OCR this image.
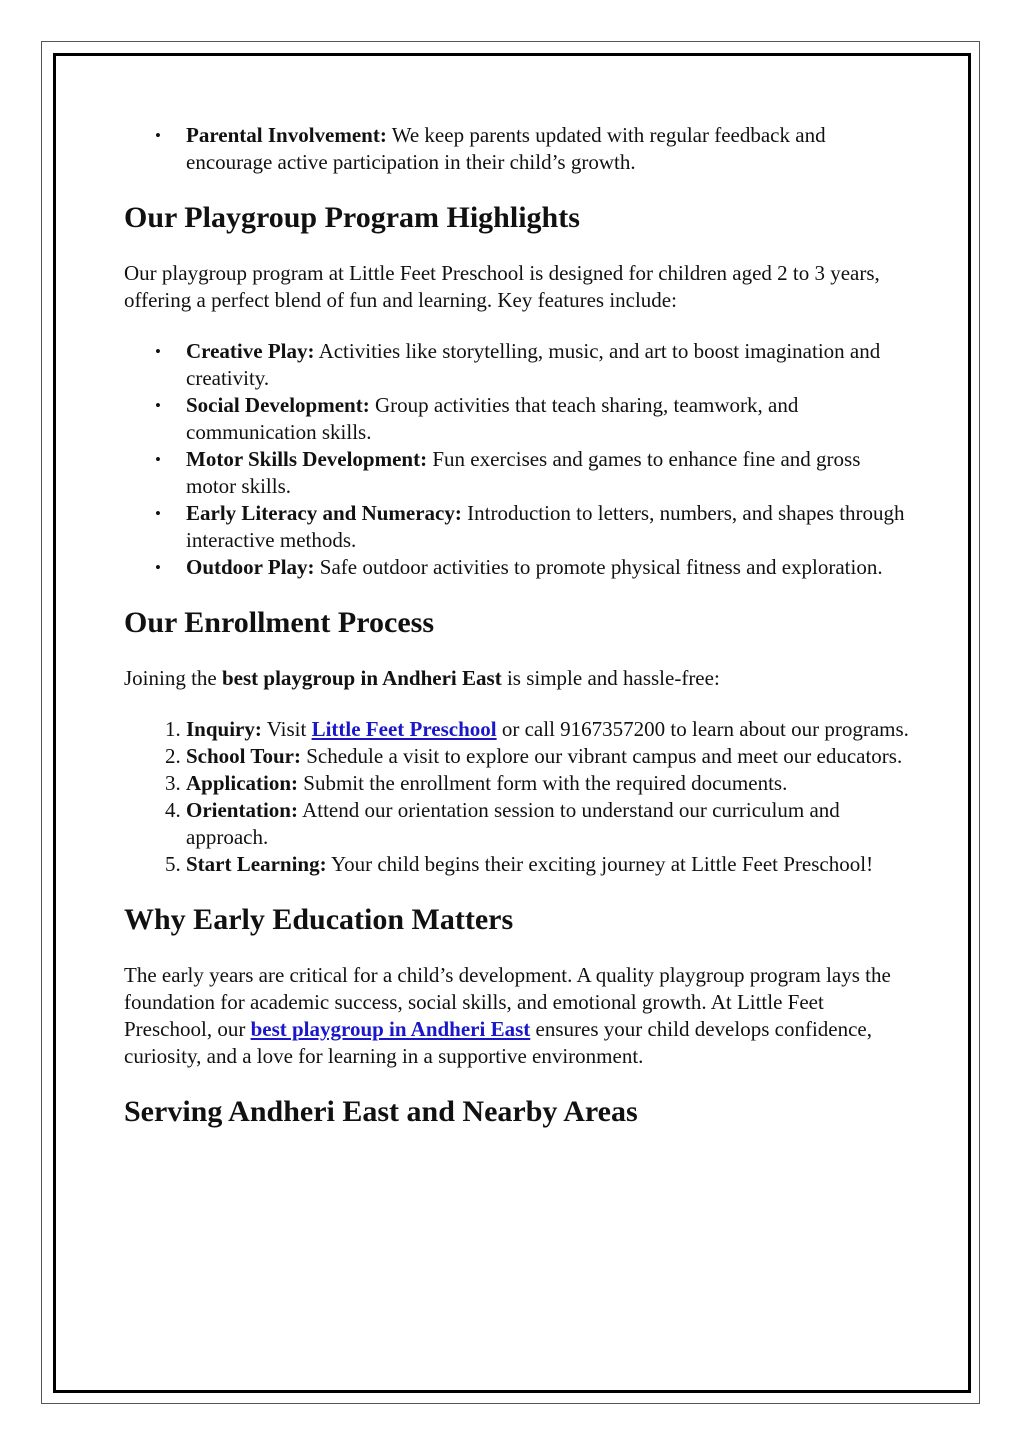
• Parental Involvement: We keep parents updated with regular feedback and encourage active participation in their child’s growth.
Our Playgroup Program Highlights

Our playgroup program at Little Feet Preschool is designed for children aged 2 to 3 years, offering a perfect blend of fun and learning. Key features include:

• Creative Play: Activities like storytelling, music, and art to boost imagination and creativity.
• Social Development: Group activities that teach sharing, teamwork, and communication skills.
• Motor Skills Development: Fun exercises and games to enhance fine and gross motor skills.
• Early Literacy and Numeracy: Introduction to letters, numbers, and shapes through interactive methods.
• Outdoor Play: Safe outdoor activities to promote physical fitness and exploration.
Our Enrollment Process

Joining the best playgroup in Andheri East is simple and hassle-free:

1. Inquiry: Visit Little Feet Preschool or call 9167357200 to learn about our programs.
2. School Tour: Schedule a visit to explore our vibrant campus and meet our educators.
3. Application: Submit the enrollment form with the required documents.
4. Orientation: Attend our orientation session to understand our curriculum and approach.
5. Start Learning: Your child begins their exciting journey at Little Feet Preschool!
Why Early Education Matters

The early years are critical for a child’s development. A quality playgroup program lays the foundation for academic success, social skills, and emotional growth. At Little Feet Preschool, our best playgroup in Andheri East ensures your child develops confidence, curiosity, and a love for learning in a supportive environment.

Serving Andheri East and Nearby Areas
